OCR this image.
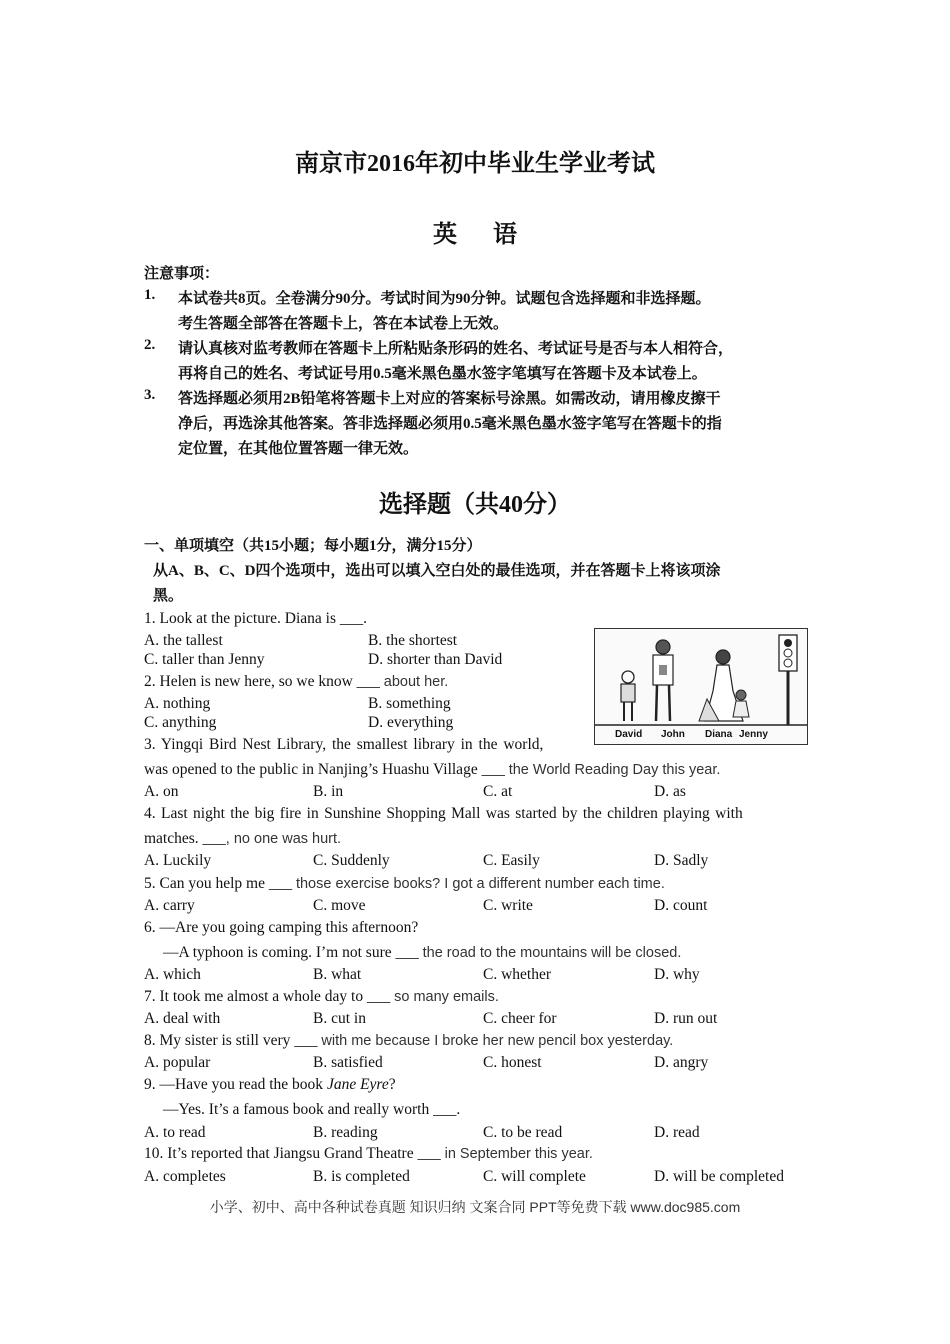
南京市2016年初中毕业生学业考试
英语
注意事项：
1. 本试卷共8页。全卷满分90分。考试时间为90分钟。试题包含选择题和非选择题。
考生答题全部答在答题卡上，答在本试卷上无效。
2. 请认真核对监考教师在答题卡上所粘贴条形码的姓名、考试证号是否与本人相符合，
再将自己的姓名、考试证号用0.5毫米黑色墨水签字笔填写在答题卡及本试卷上。
3. 答选择题必须用2B铅笔将答题卡上对应的答案标号涂黑。如需改动，请用橡皮擦干
净后，再选涂其他答案。答非选择题必须用0.5毫米黑色墨水签字笔写在答题卡的指
定位置，在其他位置答题一律无效。
选择题（共40分）
一、单项填空（共15小题；每小题1分，满分15分）
从A、B、C、D四个选项中，选出可以填入空白处的最佳选项，并在答题卡上将该项涂
黑。
David John Diana Jenny
1. Look at the picture. Diana is ___.
A. the tallest	B. the shortest
C. taller than Jenny	D. shorter than David
2. Helen is new here, so we know ___ about her.
A. nothing	B. something
C. anything	D. everything
3. Yingqi Bird Nest Library, the smallest library in the world,
was opened to the public in Nanjing’s Huashu Village ___ the World Reading Day this year.
A. on	B. in	C. at	D. as
4. Last night the big fire in Sunshine Shopping Mall was started by the children playing with
matches. ___, no one was hurt.
A. Luckily	C. Suddenly	C. Easily	D. Sadly
5. Can you help me ___ those exercise books? I got a different number each time.
A. carry	C. move	C. write	D. count
6. —Are you going camping this afternoon?
—A typhoon is coming. I’m not sure ___ the road to the mountains will be closed.
A. which	B. what	C. whether	D. why
7. It took me almost a whole day to ___ so many emails.
A. deal with	B. cut in	C. cheer for	D. run out
8. My sister is still very ___ with me because I broke her new pencil box yesterday.
A. popular	B. satisfied	C. honest	D. angry
9. —Have you read the book Jane Eyre?
—Yes. It’s a famous book and really worth ___.
A. to read	B. reading	C. to be read	D. read
10. It’s reported that Jiangsu Grand Theatre ___ in September this year.
A. completes	B. is completed	C. will complete	D. will be completed
小学、初中、高中各种试卷真题 知识归纳 文案合同 PPT等免费下载 www.doc985.com
